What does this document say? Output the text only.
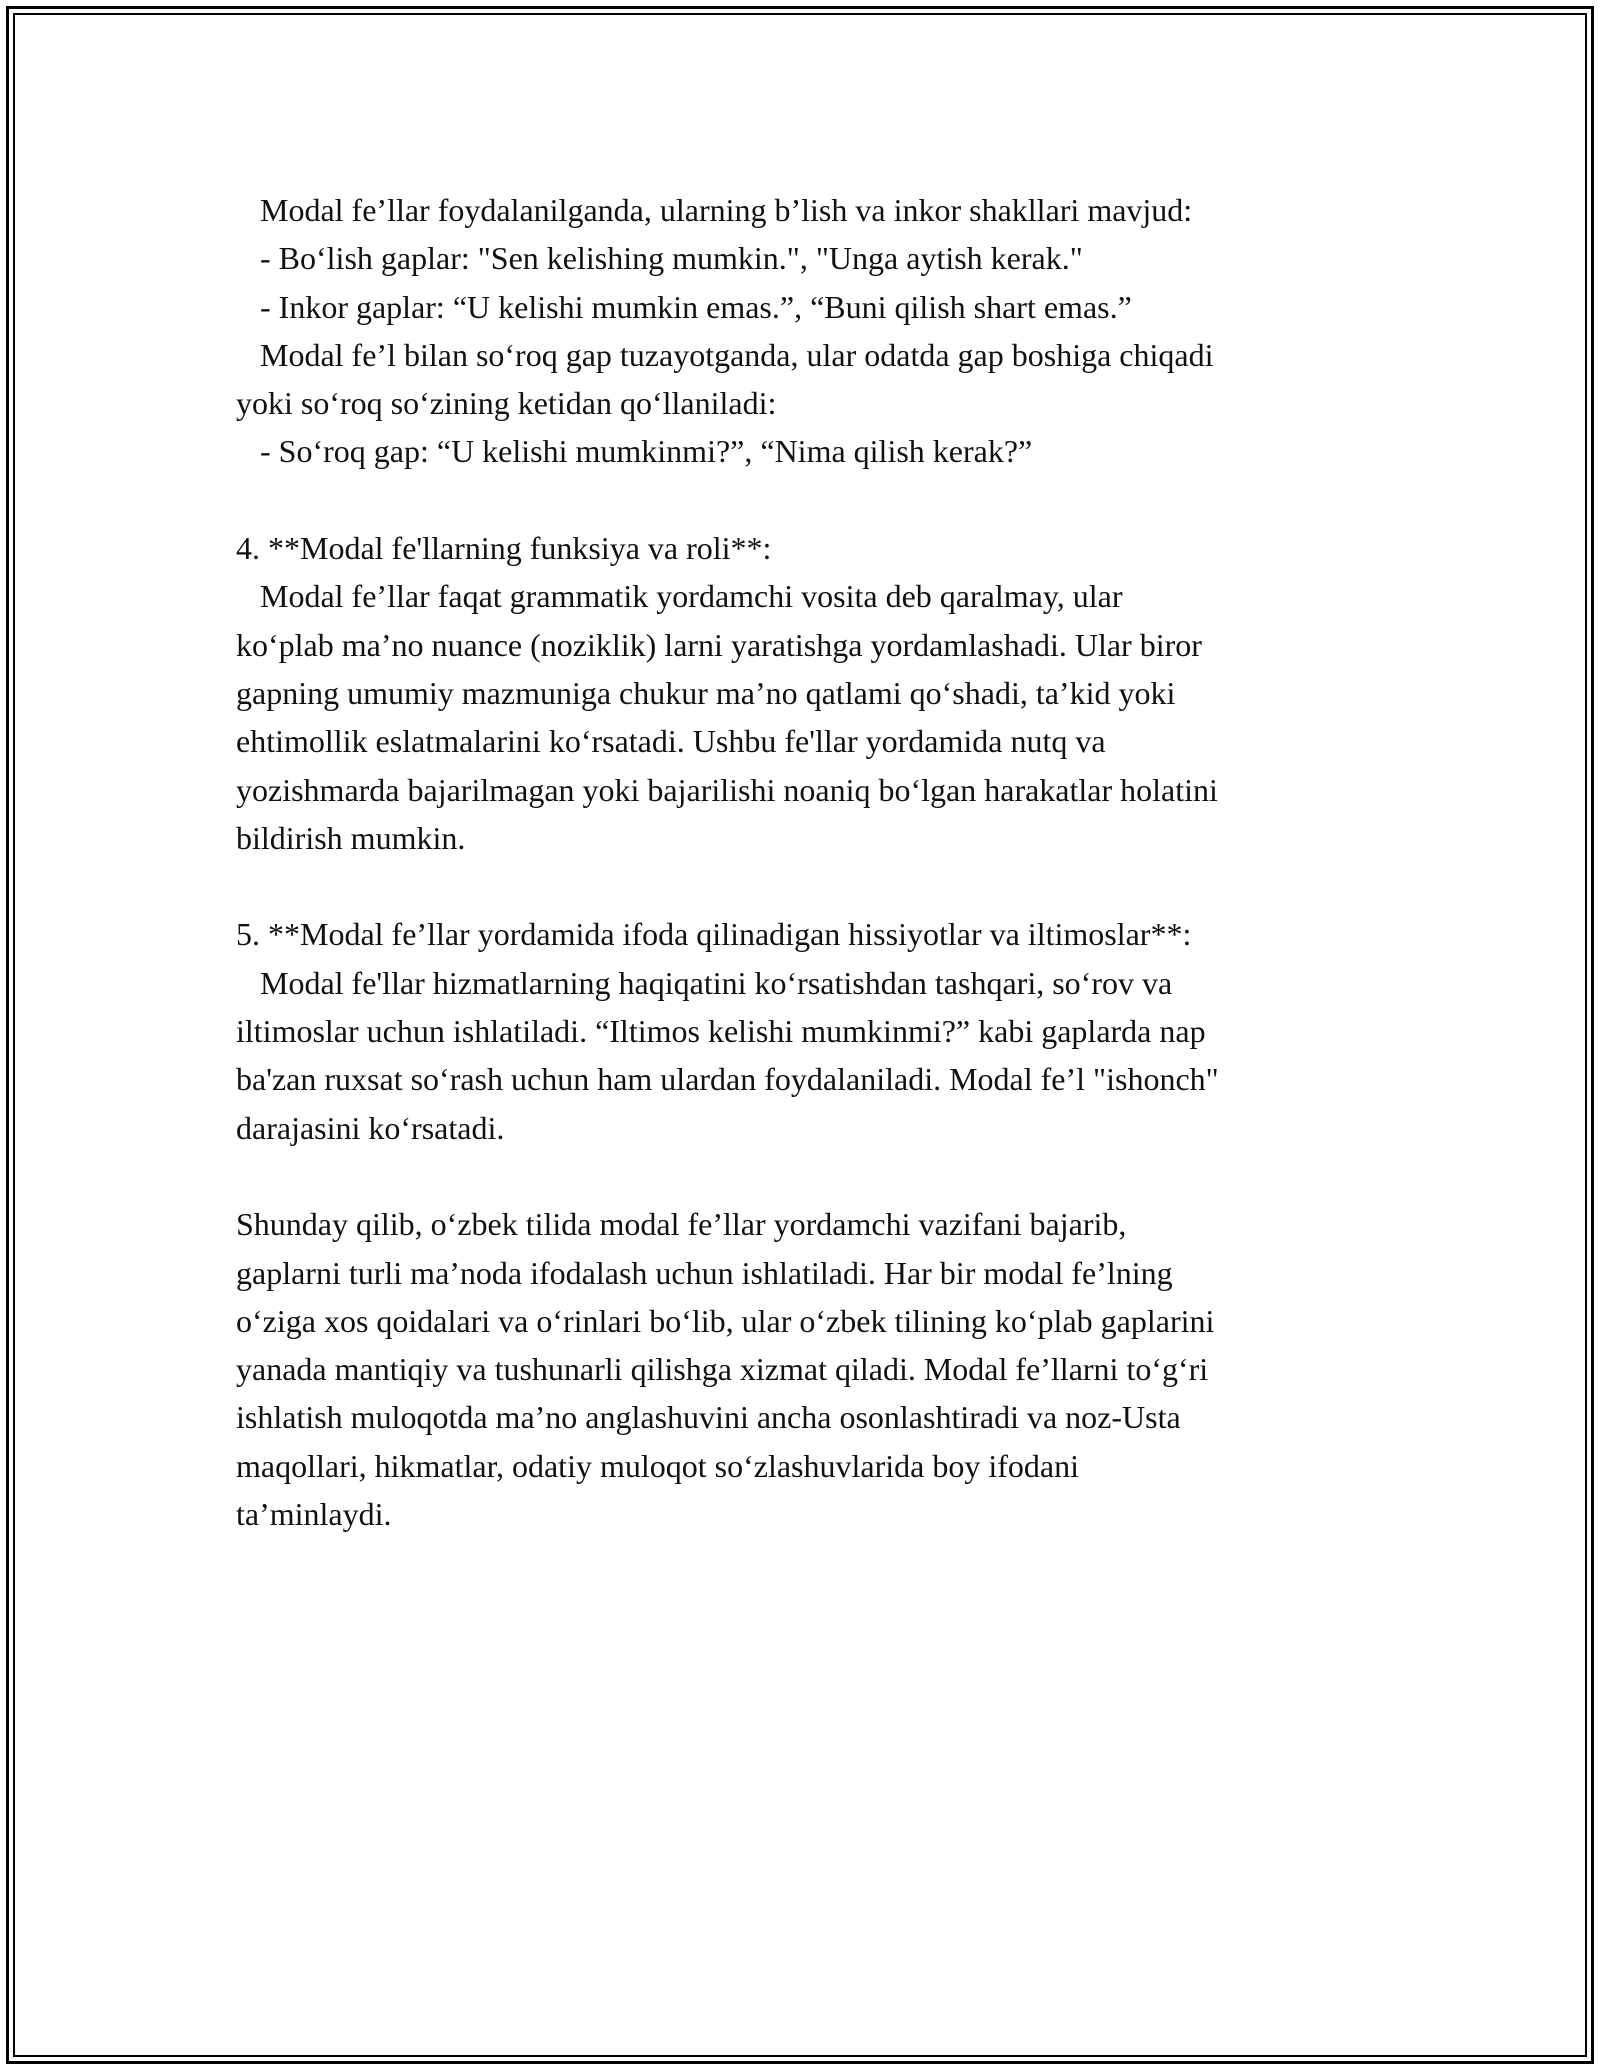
Modal fe’llar foydalanilganda, ularning b’lish va inkor shakllari mavjud:
- Bo‘lish gaplar: "Sen kelishing mumkin.", "Unga aytish kerak."
- Inkor gaplar: “U kelishi mumkin emas.”, “Buni qilish shart emas.”
Modal fe’l bilan so‘roq gap tuzayotganda, ular odatda gap boshiga chiqadi
yoki so‘roq so‘zining ketidan qo‘llaniladi:
- So‘roq gap: “U kelishi mumkinmi?”, “Nima qilish kerak?”
4. **Modal fe'llarning funksiya va roli**:
Modal fe’llar faqat grammatik yordamchi vosita deb qaralmay, ular
ko‘plab ma’no nuance (noziklik) larni yaratishga yordamlashadi. Ular biror
gapning umumiy mazmuniga chukur ma’no qatlami qo‘shadi, ta’kid yoki
ehtimollik eslatmalarini ko‘rsatadi. Ushbu fe'llar yordamida nutq va
yozishmarda bajarilmagan yoki bajarilishi noaniq bo‘lgan harakatlar holatini
bildirish mumkin.
5. **Modal fe’llar yordamida ifoda qilinadigan hissiyotlar va iltimoslar**:
Modal fe'llar hizmatlarning haqiqatini ko‘rsatishdan tashqari, so‘rov va
iltimoslar uchun ishlatiladi. “Iltimos kelishi mumkinmi?” kabi gaplarda nap
ba'zan ruxsat so‘rash uchun ham ulardan foydalaniladi. Modal fe’l "ishonch"
darajasini ko‘rsatadi.
Shunday qilib, o‘zbek tilida modal fe’llar yordamchi vazifani bajarib,
gaplarni turli ma’noda ifodalash uchun ishlatiladi. Har bir modal fe’lning
o‘ziga xos qoidalari va o‘rinlari bo‘lib, ular o‘zbek tilining ko‘plab gaplarini
yanada mantiqiy va tushunarli qilishga xizmat qiladi. Modal fe’llarni to‘g‘ri
ishlatish muloqotda ma’no anglashuvini ancha osonlashtiradi va noz-Usta
maqollari, hikmatlar, odatiy muloqot so‘zlashuvlarida boy ifodani
ta’minlaydi.
